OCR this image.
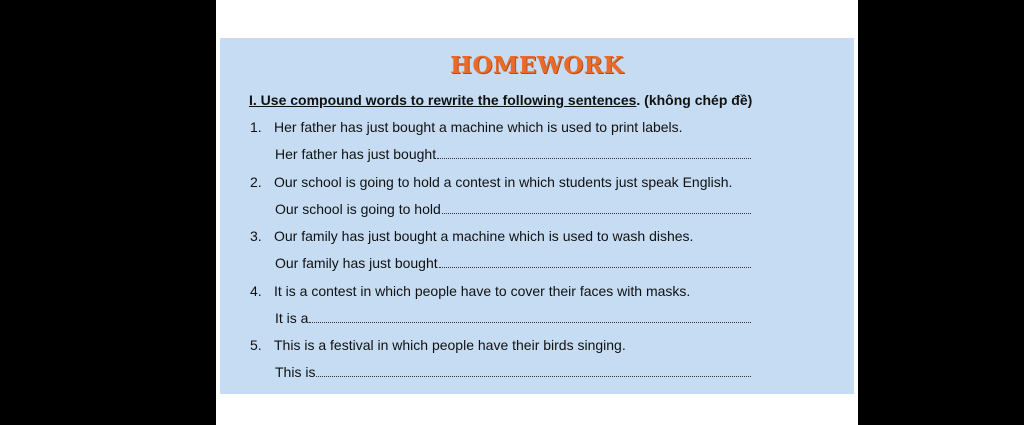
HOMEWORK
I. Use compound words to rewrite the following sentences. (không chép đề)
1. Her father has just bought a machine which is used to print labels.
Her father has just bought
2. Our school is going to hold a contest in which students just speak English.
Our school is going to hold
3. Our family has just bought a machine which is used to wash dishes.
Our family has just bought
4. It is a contest in which people have to cover their faces with masks.
It is a
5. This is a festival in which people have their birds singing.
This is
